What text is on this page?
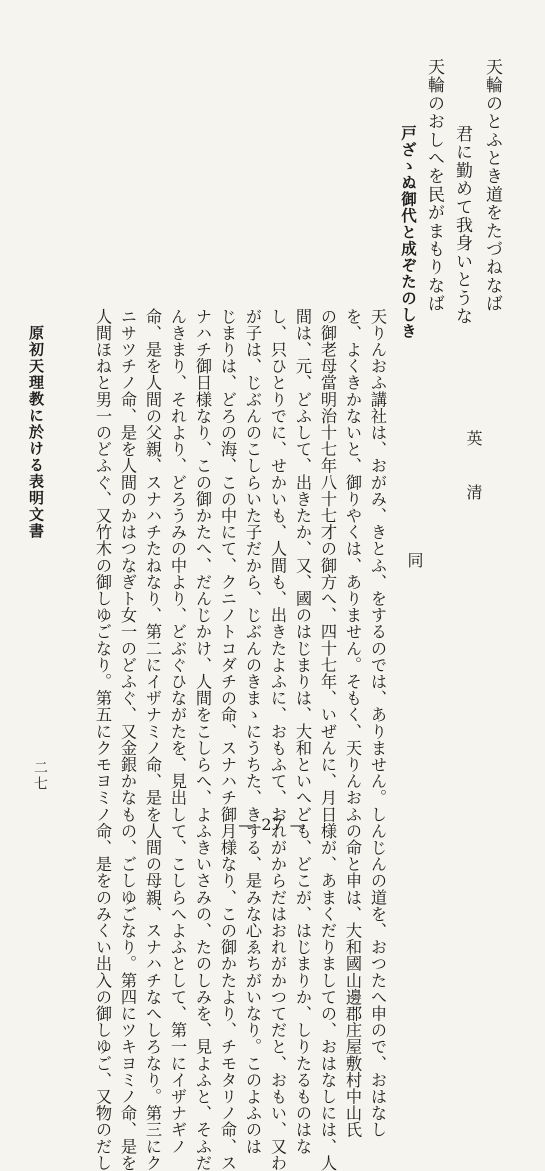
天輪のとふとき道をたづねなば
君に勤めて我身いとうな
天輪のおしへを民がまもりなば
戸ざゝぬ御代と成ぞたのしき
英　　清
同
天りんおふ講社は、おがみ、きとふ、をするのでは、ありません。しんじんの道を、おつたへ申ので、おはなし
を、よくきかないと、御りやくは、ありません。そもく、天りんおふの命と申は、大和國山邊郡庄屋敷村中山氏
の御老母當明治十七年八十七才の御方へ、四十七年、いぜんに、月日様が、あまくだりましての、おはなしには、人
間は、元、どふして、出きたか、又、國のはじまりは、大和といへども、どこが、はじまりか、しりたるものはな
し、只ひとりでに、せかいも、人間も、出きたよふに、おもふて、おれがからだはおれがかつてだと、おもい、又わ
が子は、じぶんのこしらいた子だから、じぶんのきまゝにうちた、きする、是みな心ゑちがいなり。このよふのは
じまりは、どろの海、この中にて、クニノトコダチの命、スナハチ御月様なり、この御かたより、チモタリノ命、ス
ナハチ御日様なり、この御かたへ、だんじかけ、人間をこしらへ、よふきいさみの、たのしみを、見よふと、そふだ
んきまり、それより、どろうみの中より、どぶぐひながたを、見出して、こしらへよふとして、第一にイザナギノ
命、是を人間の父親、スナハチたねなり、第二にイザナミノ命、是を人間の母親、スナハチなへしろなり。第三にク
ニサツチノ命、是を人間のかはつなぎト女一のどふぐ、又金銀かなもの、ごしゆごなり。第四にツキヨミノ命、是を
人間ほねと男一のどふぐ、又竹木の御しゆごなり。第五にクモヨミノ命、是をのみくい出入の御しゆご、又物のだし
原初天理教に於ける表明文書
二七
— 27 —
